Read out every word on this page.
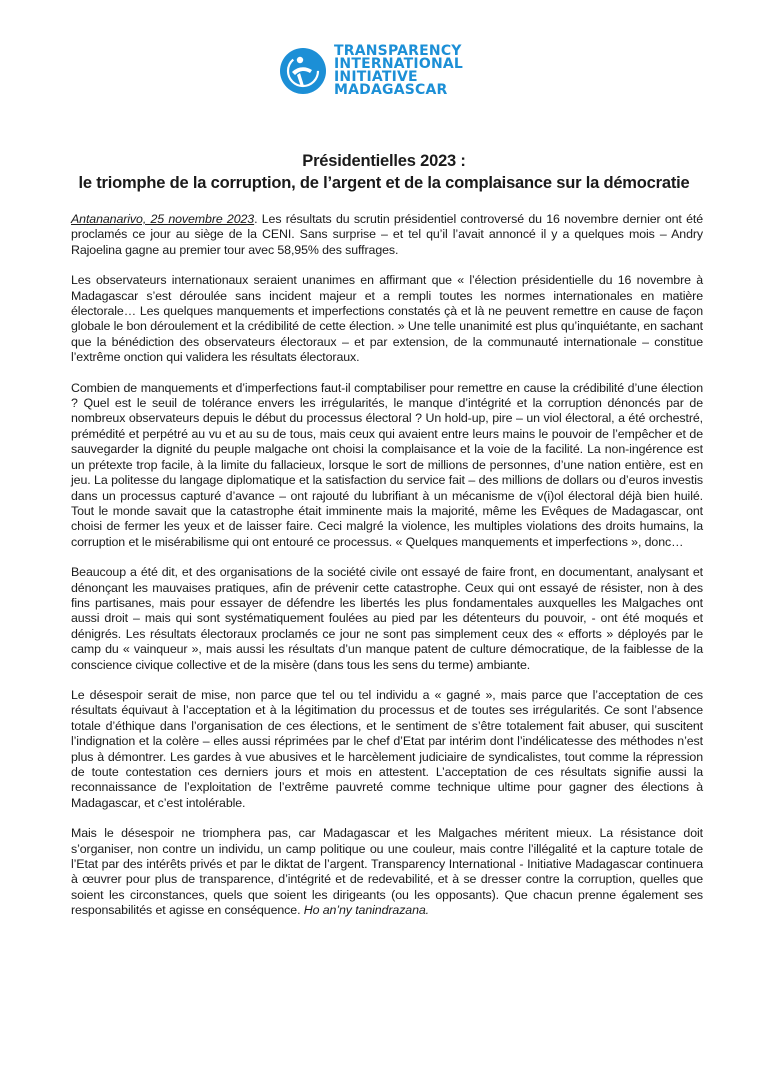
TRANSPARENCY
INTERNATIONAL
INITIATIVE
MADAGASCAR
Présidentielles 2023 :
le triomphe de la corruption, de l’argent et de la complaisance sur la démocratie

Antananarivo, 25 novembre 2023. Les résultats du scrutin présidentiel controversé du 16 novembre dernier ont été proclamés ce jour au siège de la CENI. Sans surprise – et tel qu’il l’avait annoncé il y a quelques mois – Andry Rajoelina gagne au premier tour avec 58,95% des suffrages.

Les observateurs internationaux seraient unanimes en affirmant que « l’élection présidentielle du 16 novembre à Madagascar s’est déroulée sans incident majeur et a rempli toutes les normes internationales en matière électorale… Les quelques manquements et imperfections constatés çà et là ne peuvent remettre en cause de façon globale le bon déroulement et la crédibilité de cette élection. » Une telle unanimité est plus qu’inquiétante, en sachant que la bénédiction des observateurs électoraux – et par extension, de la communauté internationale – constitue l’extrême onction qui validera les résultats électoraux.

Combien de manquements et d’imperfections faut-il comptabiliser pour remettre en cause la crédibilité d’une élection ? Quel est le seuil de tolérance envers les irrégularités, le manque d’intégrité et la corruption dénoncés par de nombreux observateurs depuis le début du processus électoral ? Un hold-up, pire – un viol électoral, a été orchestré, prémédité et perpétré au vu et au su de tous, mais ceux qui avaient entre leurs mains le pouvoir de l’empêcher et de sauvegarder la dignité du peuple malgache ont choisi la complaisance et la voie de la facilité. La non-ingérence est un prétexte trop facile, à la limite du fallacieux, lorsque le sort de millions de personnes, d’une nation entière, est en jeu. La politesse du langage diplomatique et la satisfaction du service fait – des millions de dollars ou d’euros investis dans un processus capturé d’avance – ont rajouté du lubrifiant à un mécanisme de v(i)ol électoral déjà bien huilé. Tout le monde savait que la catastrophe était imminente mais la majorité, même les Evêques de Madagascar, ont choisi de fermer les yeux et de laisser faire. Ceci malgré la violence, les multiples violations des droits humains, la corruption et le misérabilisme qui ont entouré ce processus. « Quelques manquements et imperfections », donc…

Beaucoup a été dit, et des organisations de la société civile ont essayé de faire front, en documentant, analysant et dénonçant les mauvaises pratiques, afin de prévenir cette catastrophe. Ceux qui ont essayé de résister, non à des fins partisanes, mais pour essayer de défendre les libertés les plus fondamentales auxquelles les Malgaches ont aussi droit – mais qui sont systématiquement foulées au pied par les détenteurs du pouvoir, - ont été moqués et dénigrés. Les résultats électoraux proclamés ce jour ne sont pas simplement ceux des « efforts » déployés par le camp du « vainqueur », mais aussi les résultats d’un manque patent de culture démocratique, de la faiblesse de la conscience civique collective et de la misère (dans tous les sens du terme) ambiante.

Le désespoir serait de mise, non parce que tel ou tel individu a « gagné », mais parce que l’acceptation de ces résultats équivaut à l’acceptation et à la légitimation du processus et de toutes ses irrégularités. Ce sont l’absence totale d’éthique dans l’organisation de ces élections, et le sentiment de s’être totalement fait abuser, qui suscitent l’indignation et la colère – elles aussi réprimées par le chef d’Etat par intérim dont l’indélicatesse des méthodes n’est plus à démontrer. Les gardes à vue abusives et le harcèlement judiciaire de syndicalistes, tout comme la répression de toute contestation ces derniers jours et mois en attestent. L’acceptation de ces résultats signifie aussi la reconnaissance de l’exploitation de l’extrême pauvreté comme technique ultime pour gagner des élections à Madagascar, et c’est intolérable.

Mais le désespoir ne triomphera pas, car Madagascar et les Malgaches méritent mieux. La résistance doit s’organiser, non contre un individu, un camp politique ou une couleur, mais contre l’illégalité et la capture totale de l’Etat par des intérêts privés et par le diktat de l’argent. Transparency International - Initiative Madagascar continuera à œuvrer pour plus de transparence, d’intégrité et de redevabilité, et à se dresser contre la corruption, quelles que soient les circonstances, quels que soient les dirigeants (ou les opposants). Que chacun prenne également ses responsabilités et agisse en conséquence. Ho an’ny tanindrazana.
